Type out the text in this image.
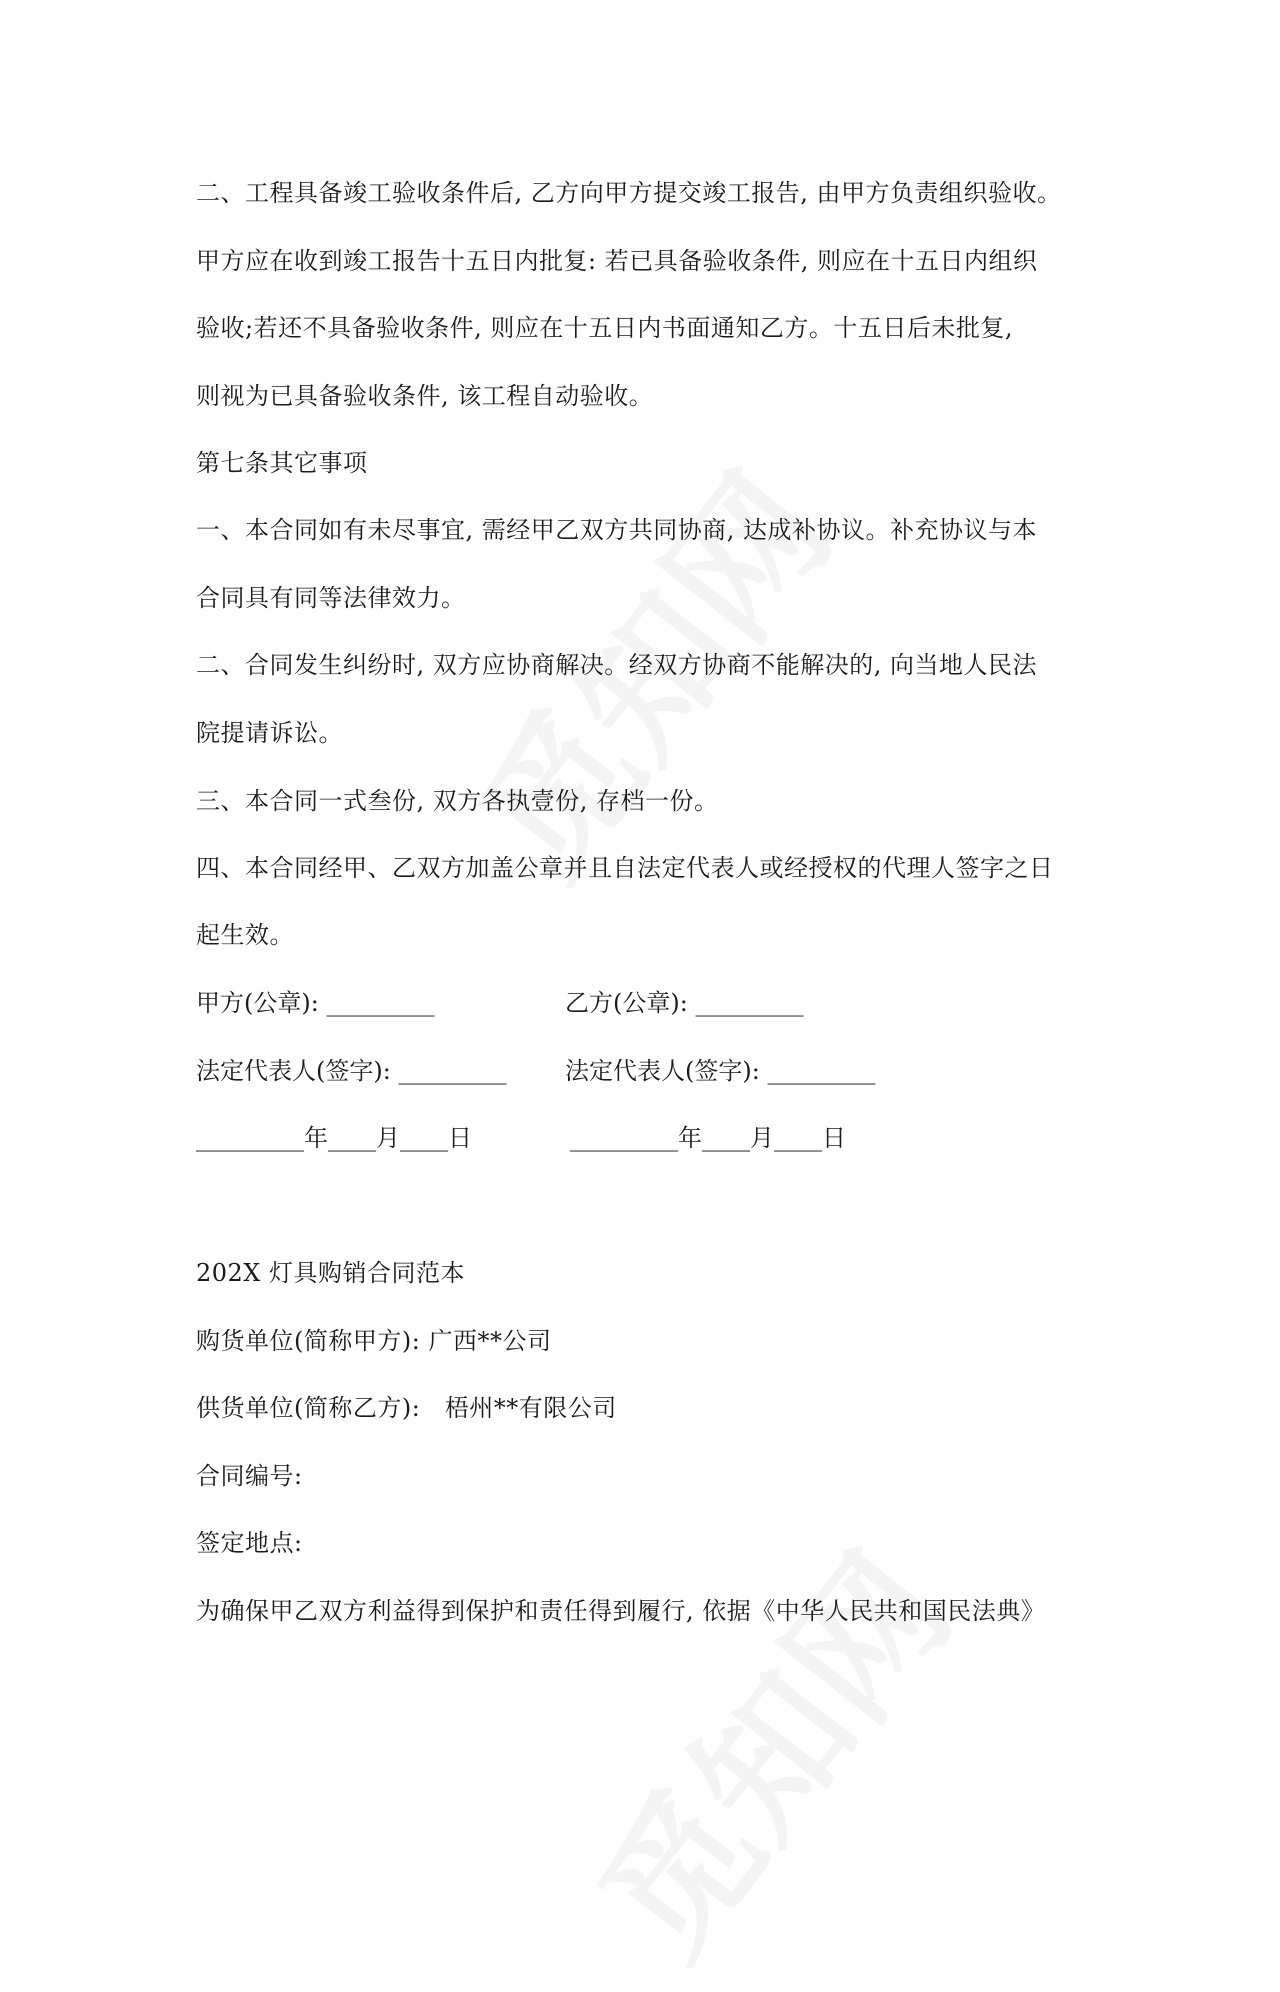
二、工程具备竣工验收条件后, 乙方向甲方提交竣工报告, 由甲方负责组织验收。
甲方应在收到竣工报告十五日内批复: 若已具备验收条件, 则应在十五日内组织
验收;若还不具备验收条件, 则应在十五日内书面通知乙方。十五日后未批复,
则视为已具备验收条件, 该工程自动验收。
第七条其它事项
一、本合同如有未尽事宜, 需经甲乙双方共同协商, 达成补协议。补充协议与本
合同具有同等法律效力。
二、合同发生纠纷时, 双方应协商解决。经双方协商不能解决的, 向当地人民法
院提请诉讼。
三、本合同一式叁份, 双方各执壹份, 存档一份。
四、本合同经甲、乙双方加盖公章并且自法定代表人或经授权的代理人签字之日
起生效。
甲方(公章): _________	乙方(公章): _________
法定代表人(签字): _________ 法定代表人(签字): _________
_________年____月____日	_________年____月____日
202X 灯具购销合同范本
购货单位(简称甲方): 广西**公司
供货单位(简称乙方):   梧州**有限公司
合同编号:
签定地点:
为确保甲乙双方利益得到保护和责任得到履行, 依据《中华人民共和国民法典》
